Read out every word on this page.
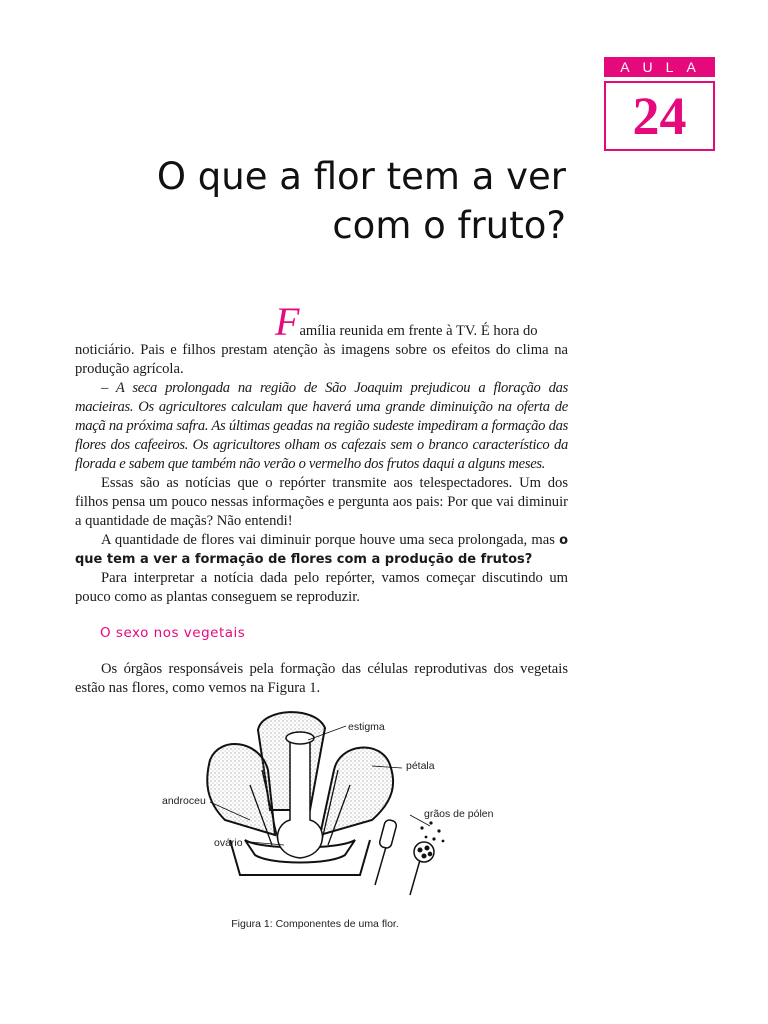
AULA
24
O que a flor tem a ver
com o fruto?

Família reunida em frente à TV. É hora do

noticiário. Pais e filhos prestam atenção às imagens sobre os efeitos do clima na produção agrícola.

– A seca prolongada na região de São Joaquim prejudicou a floração das macieiras. Os agricultores calculam que haverá uma grande diminuição na oferta de maçã na próxima safra. As últimas geadas na região sudeste impediram a formação das flores dos cafeeiros. Os agricultores olham os cafezais sem o branco característico da florada e sabem que também não verão o vermelho dos frutos daqui a alguns meses.

Essas são as notícias que o repórter transmite aos telespectadores. Um dos filhos pensa um pouco nessas informações e pergunta aos pais: Por que vai diminuir a quantidade de maçãs? Não entendi!

A quantidade de flores vai diminuir porque houve uma seca prolongada, mas o que tem a ver a formação de flores com a produção de frutos?

Para interpretar a notícia dada pelo repórter, vamos começar discutindo um pouco como as plantas conseguem se reproduzir.

O sexo nos vegetais

Os órgãos responsáveis pela formação das células reprodutivas dos vegetais estão nas flores, como vemos na Figura 1.

estigma
pétala
androceu
grãos de pólen
ovário
Figura 1: Componentes de uma flor.
